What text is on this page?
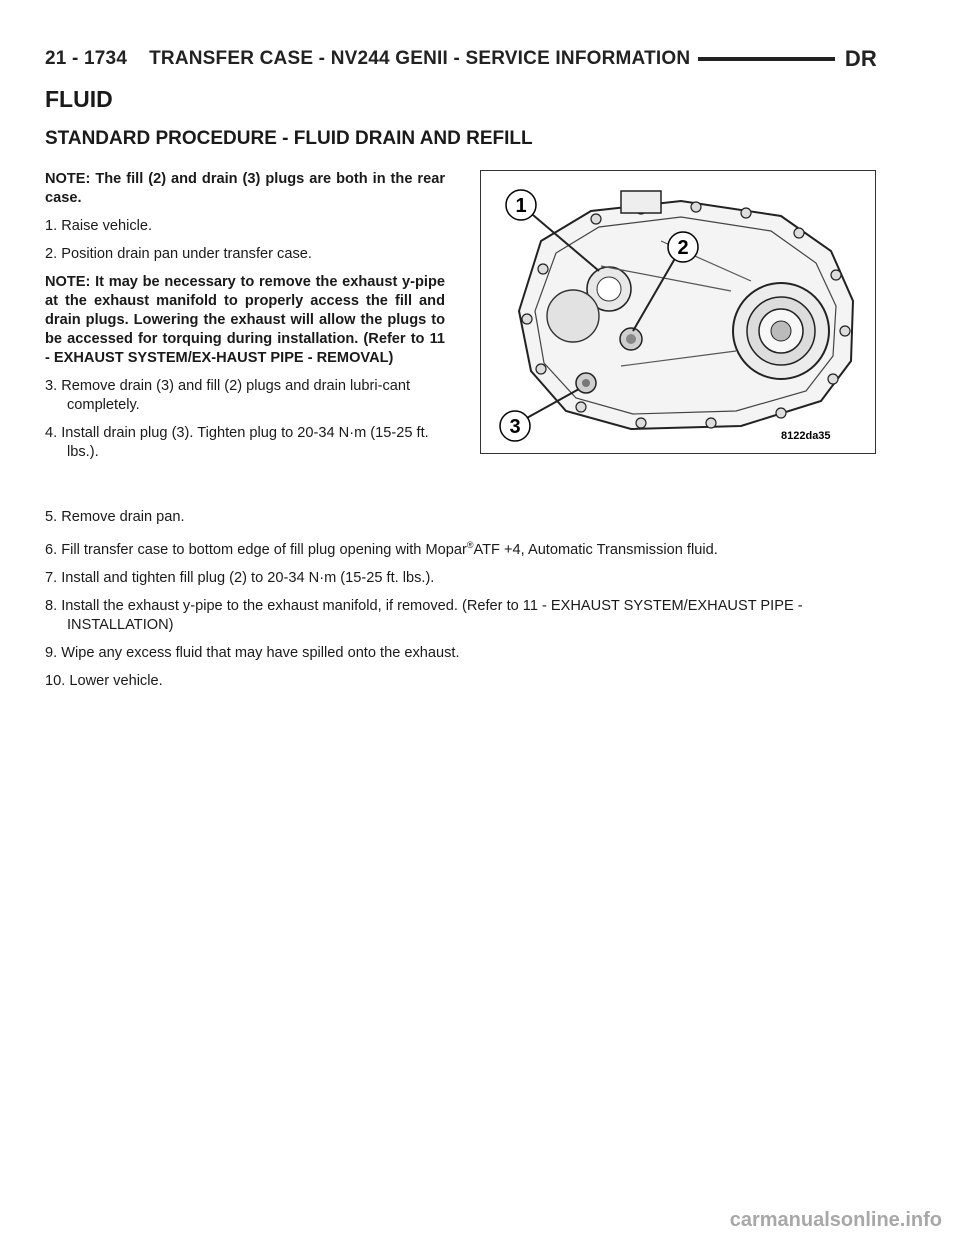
21 - 1734 TRANSFER CASE - NV244 GENII - SERVICE INFORMATION	DR
FLUID
STANDARD PROCEDURE - FLUID DRAIN AND REFILL

NOTE: The fill (2) and drain (3) plugs are both in the rear case.

1. Raise vehicle.

2. Position drain pan under transfer case.

NOTE: It may be necessary to remove the exhaust y-pipe at the exhaust manifold to properly access the fill and drain plugs. Lowering the exhaust will allow the plugs to be accessed for torquing during installation. (Refer to 11 - EXHAUST SYSTEM/EX-HAUST PIPE - REMOVAL)

3. Remove drain (3) and fill (2) plugs and drain lubri-cant completely.

4. Install drain plug (3). Tighten plug to 20-34 N·m (15-25 ft. lbs.).

1
2
3	8122da35

5. Remove drain pan.

6. Fill transfer case to bottom edge of fill plug opening with Mopar®ATF +4, Automatic Transmission fluid.

7. Install and tighten fill plug (2) to 20-34 N·m (15-25 ft. lbs.).

8. Install the exhaust y-pipe to the exhaust manifold, if removed. (Refer to 11 - EXHAUST SYSTEM/EXHAUST PIPE - INSTALLATION)

9. Wipe any excess fluid that may have spilled onto the exhaust.

10. Lower vehicle.

carmanualsonline.info
